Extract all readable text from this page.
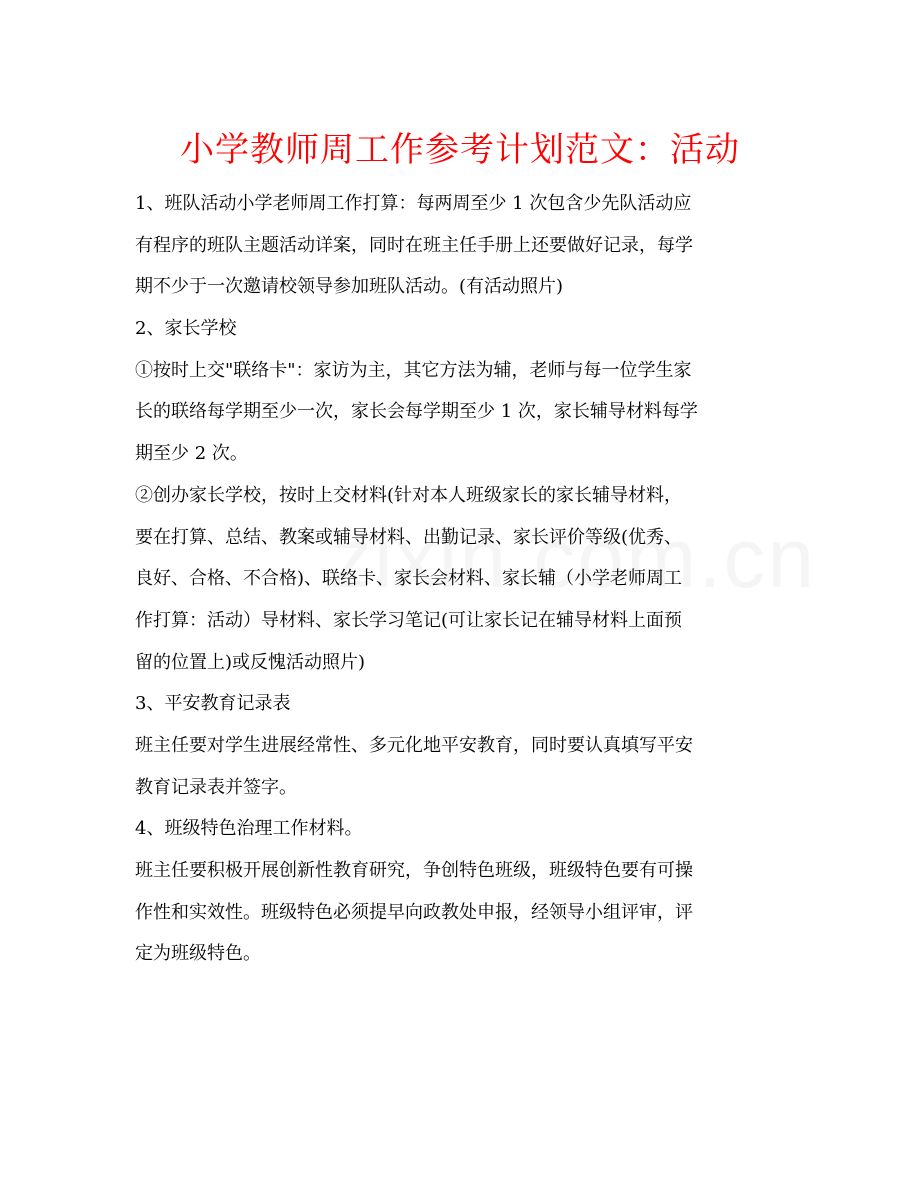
小学教师周工作参考计划范文：活动
1、班队活动小学老师周工作打算：每两周至少 1 次包含少先队活动应
有程序的班队主题活动详案，同时在班主任手册上还要做好记录，每学
期不少于一次邀请校领导参加班队活动。(有活动照片)
2、家长学校
①按时上交"联络卡"：家访为主，其它方法为辅，老师与每一位学生家
长的联络每学期至少一次，家长会每学期至少 1 次，家长辅导材料每学
期至少 2 次。
②创办家长学校，按时上交材料(针对本人班级家长的家长辅导材料，
要在打算、总结、教案或辅导材料、出勤记录、家长评价等级(优秀、
良好、合格、不合格)、联络卡、家长会材料、家长辅（小学老师周工
作打算：活动）导材料、家长学习笔记(可让家长记在辅导材料上面预
留的位置上)或反愧活动照片)
3、平安教育记录表
班主任要对学生进展经常性、多元化地平安教育，同时要认真填写平安
教育记录表并签字。
4、班级特色治理工作材料。
班主任要积极开展创新性教育研究，争创特色班级，班级特色要有可操
作性和实效性。班级特色必须提早向政教处申报，经领导小组评审，评
定为班级特色。
